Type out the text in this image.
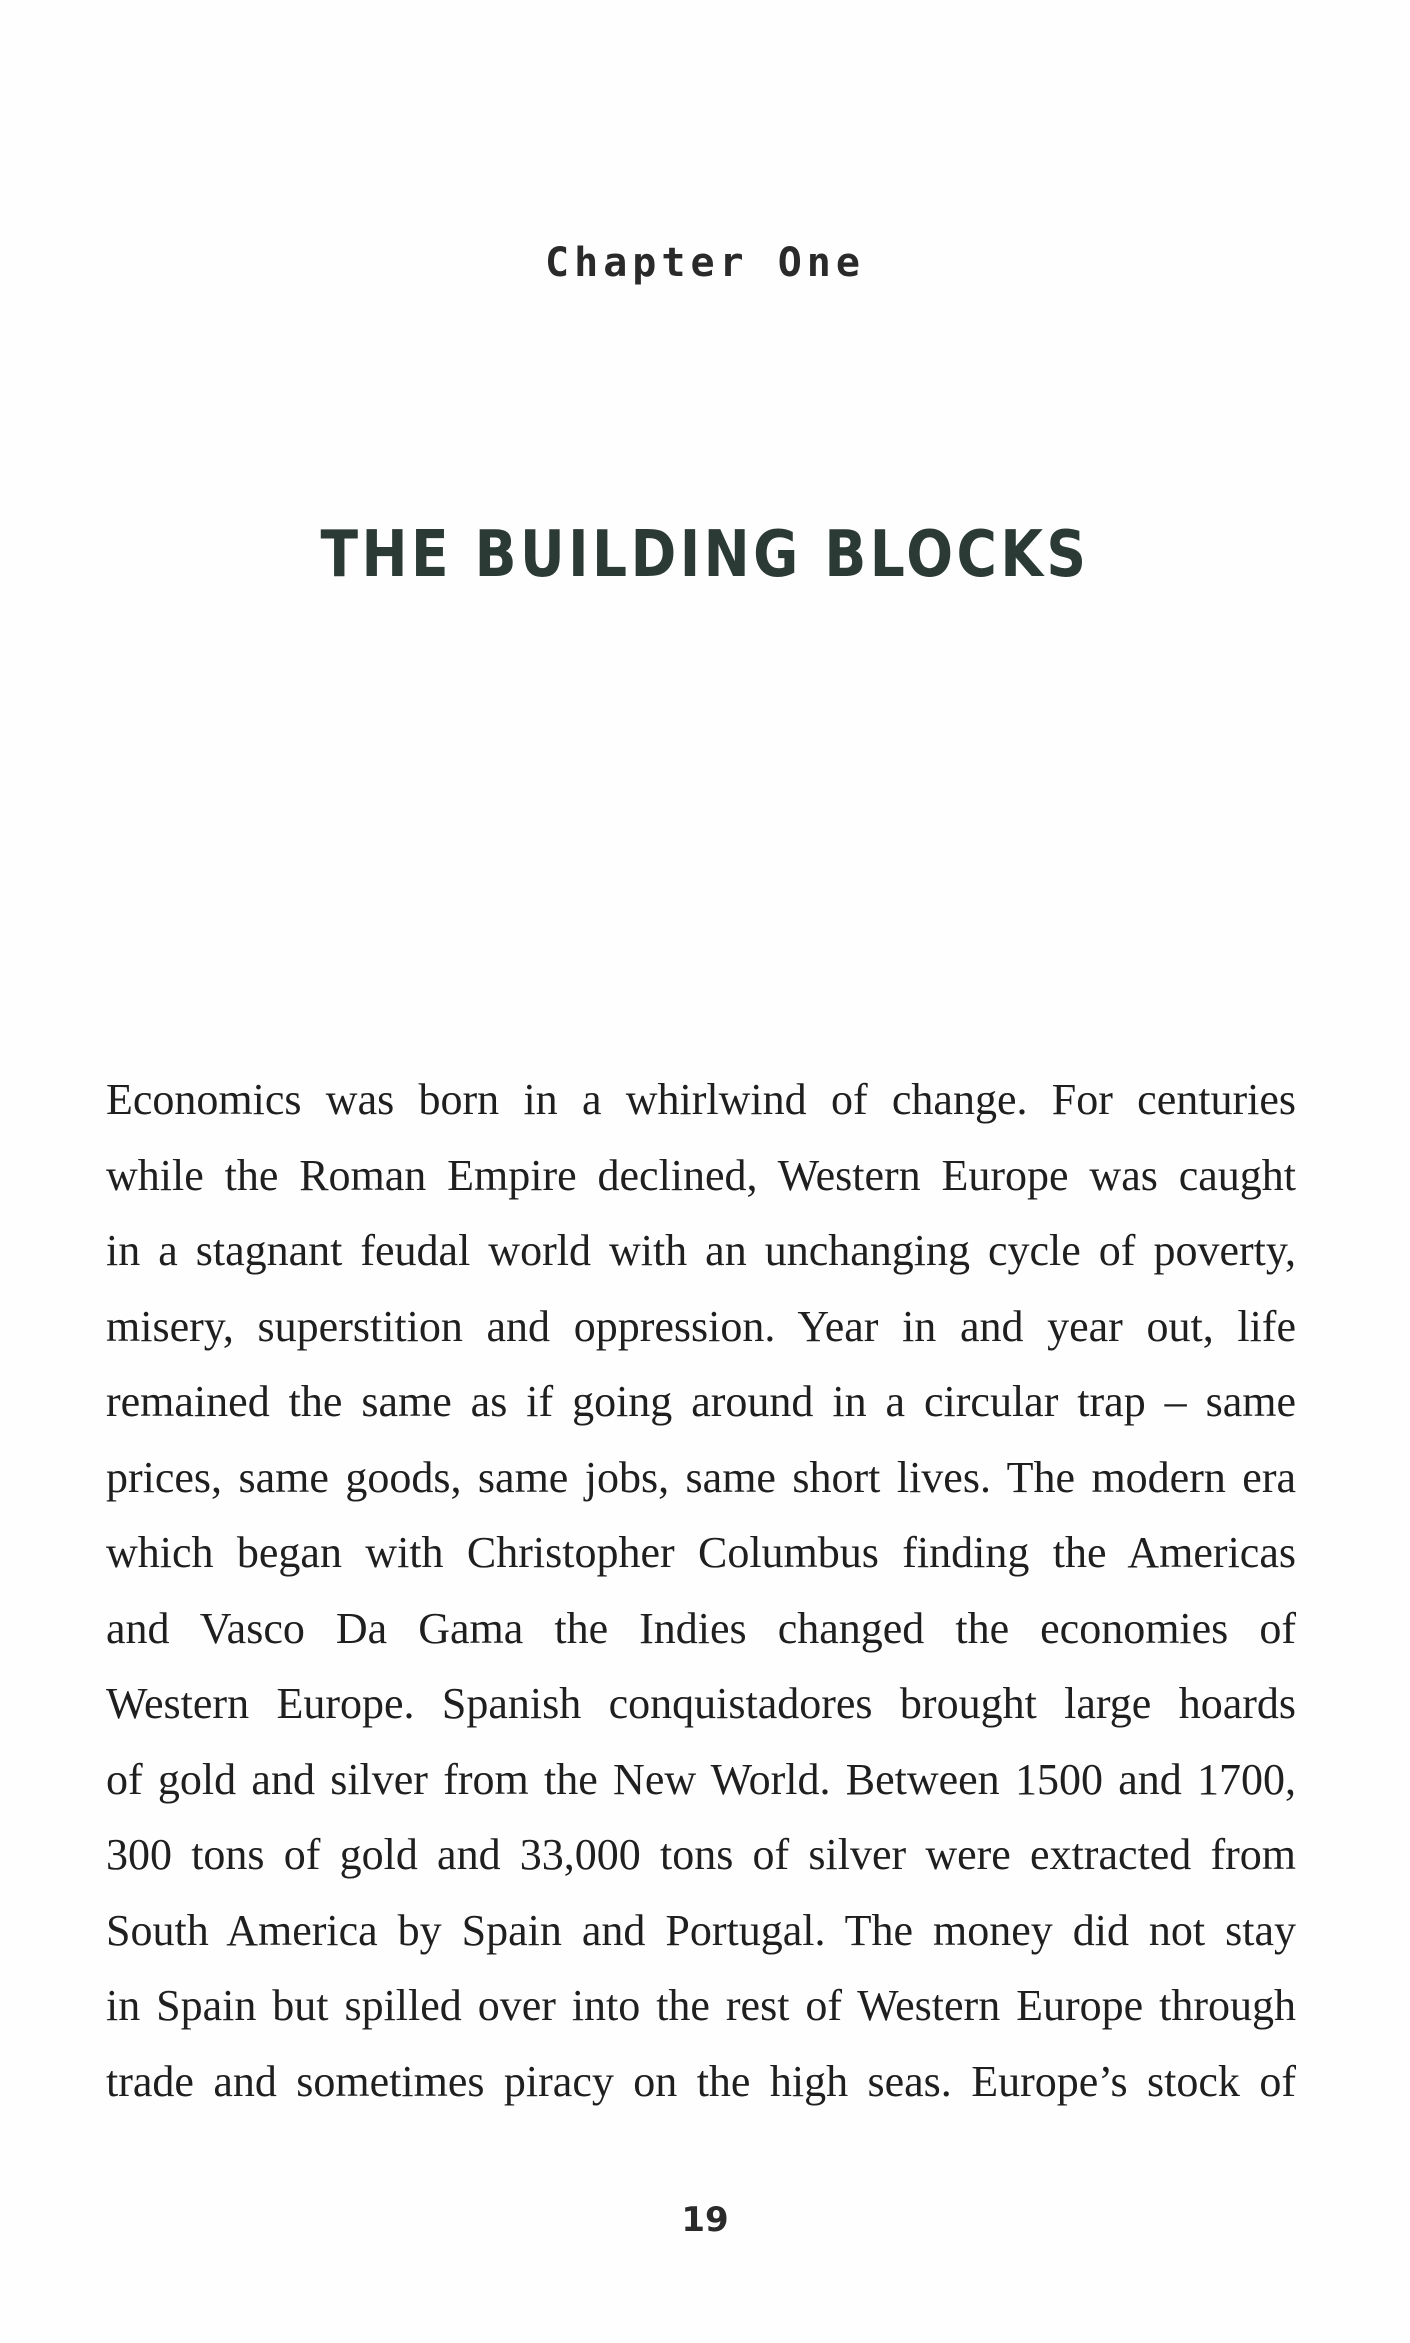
Chapter One
THE BUILDING BLOCKS
Economics was born in a whirlwind of change. For centuries
while the Roman Empire declined, Western Europe was caught
in a stagnant feudal world with an unchanging cycle of poverty,
misery, superstition and oppression. Year in and year out, life
remained the same as if going around in a circular trap – same
prices, same goods, same jobs, same short lives. The modern era
which began with Christopher Columbus finding the Americas
and Vasco Da Gama the Indies changed the economies of
Western Europe. Spanish conquistadores brought large hoards
of gold and silver from the New World. Between 1500 and 1700,
300 tons of gold and 33,000 tons of silver were extracted from
South America by Spain and Portugal. The money did not stay
in Spain but spilled over into the rest of Western Europe through
trade and sometimes piracy on the high seas. Europe’s stock of
19
